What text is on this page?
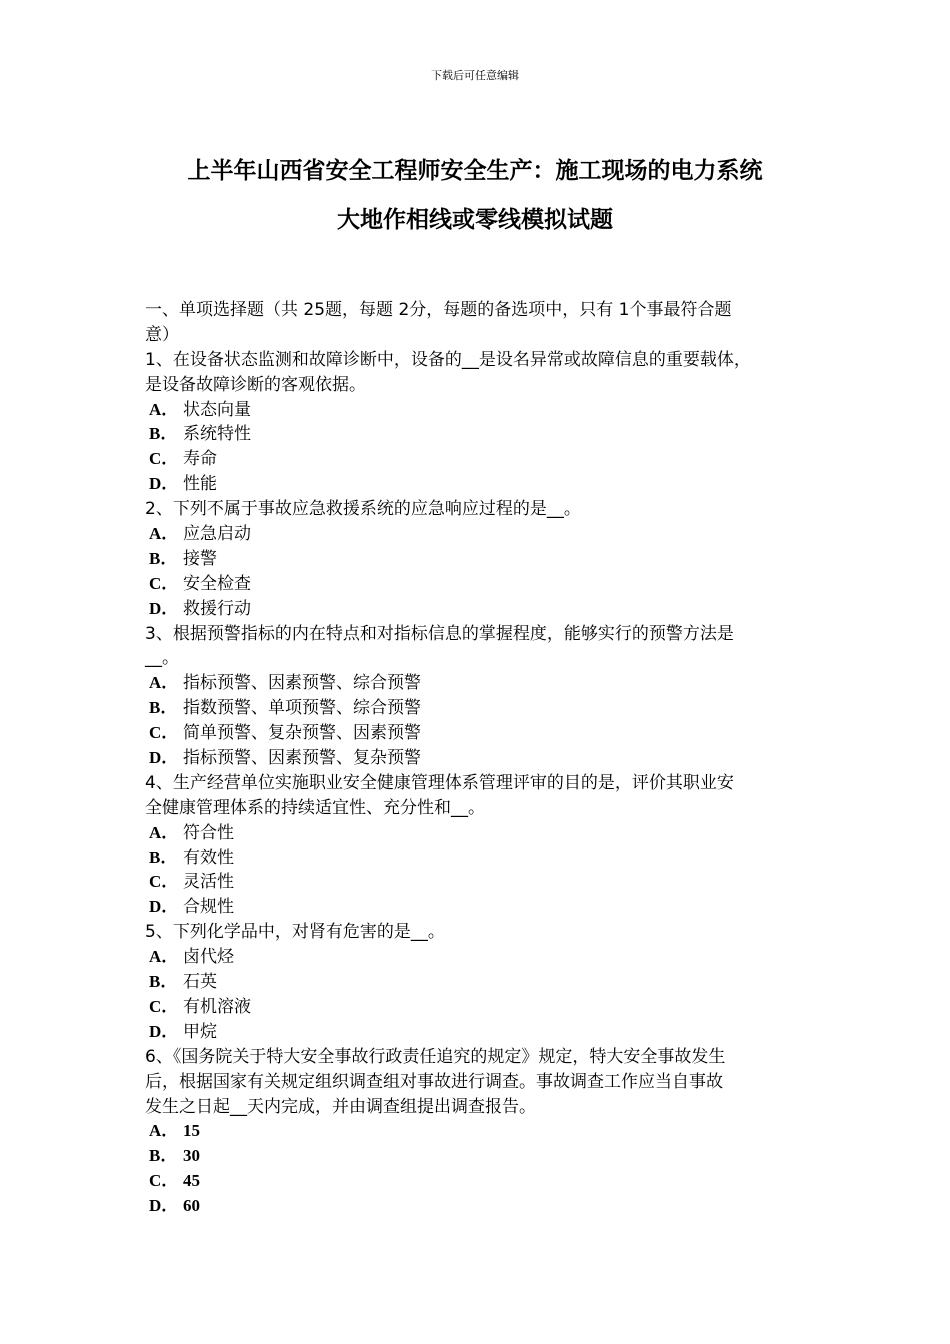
下载后可任意编辑
上半年山西省安全工程师安全生产：施工现场的电力系统
大地作相线或零线模拟试题
一、单项选择题（共 25题，每题 2分，每题的备选项中，只有 1个事最符合题
意）
1、在设备状态监测和故障诊断中，设备的__是设名异常或故障信息的重要载体，
是设备故障诊断的客观依据。
A． 状态向量
B． 系统特性
C． 寿命
D． 性能
2、下列不属于事故应急救援系统的应急响应过程的是__。
A． 应急启动
B． 接警
C． 安全检查
D． 救援行动
3、根据预警指标的内在特点和对指标信息的掌握程度，能够实行的预警方法是
__。
A． 指标预警、因素预警、综合预警
B． 指数预警、单项预警、综合预警
C． 简单预警、复杂预警、因素预警
D． 指标预警、因素预警、复杂预警
4、生产经营单位实施职业安全健康管理体系管理评审的目的是，评价其职业安
全健康管理体系的持续适宜性、充分性和__。
A． 符合性
B． 有效性
C． 灵活性
D． 合规性
5、下列化学品中，对肾有危害的是__。
A． 卤代烃
B． 石英
C． 有机溶液
D． 甲烷
6、《国务院关于特大安全事故行政责任追究的规定》规定，特大安全事故发生
后，根据国家有关规定组织调查组对事故进行调查。事故调查工作应当自事故
发生之日起__天内完成，并由调查组提出调查报告。
A． 15
B． 30
C． 45
D． 60
